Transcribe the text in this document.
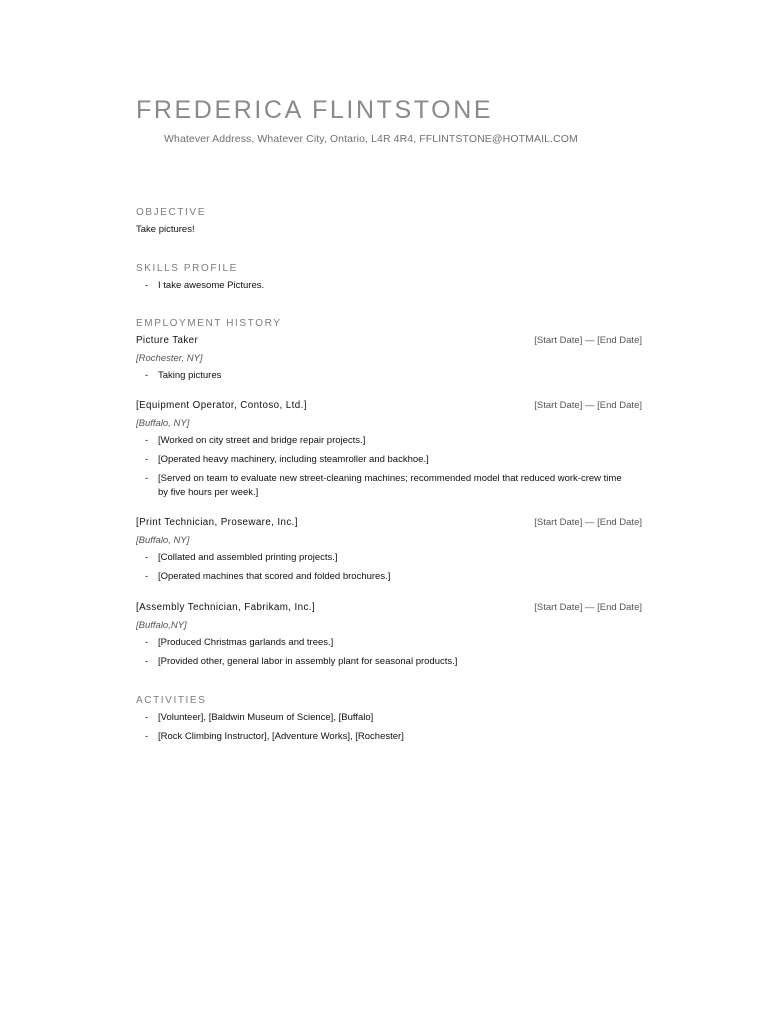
FREDERICA FLINTSTONE
Whatever Address, Whatever City, Ontario, L4R 4R4, FFLINTSTONE@HOTMAIL.COM
OBJECTIVE
Take pictures!
SKILLS PROFILE
- I take awesome Pictures.
EMPLOYMENT HISTORY
Picture Taker	[Start Date] — [End Date]
[Rochester, NY]
- Taking pictures
[Equipment Operator, Contoso, Ltd.]	[Start Date] — [End Date]
[Buffalo, NY]
- [Worked on city street and bridge repair projects.]
- [Operated heavy machinery, including steamroller and backhoe.]
- [Served on team to evaluate new street-cleaning machines; recommended model that reduced work-crew time by five hours per week.]
[Print Technician, Proseware, Inc.]	[Start Date] — [End Date]
[Buffalo, NY]
- [Collated and assembled printing projects.]
- [Operated machines that scored and folded brochures.]
[Assembly Technician, Fabrikam, Inc.]	[Start Date] — [End Date]
[Buffalo,NY]
- [Produced Christmas garlands and trees.]
- [Provided other, general labor in assembly plant for seasonal products.]
ACTIVITIES
- [Volunteer], [Baldwin Museum of Science], [Buffalo]
- [Rock Climbing Instructor], [Adventure Works], [Rochester]
